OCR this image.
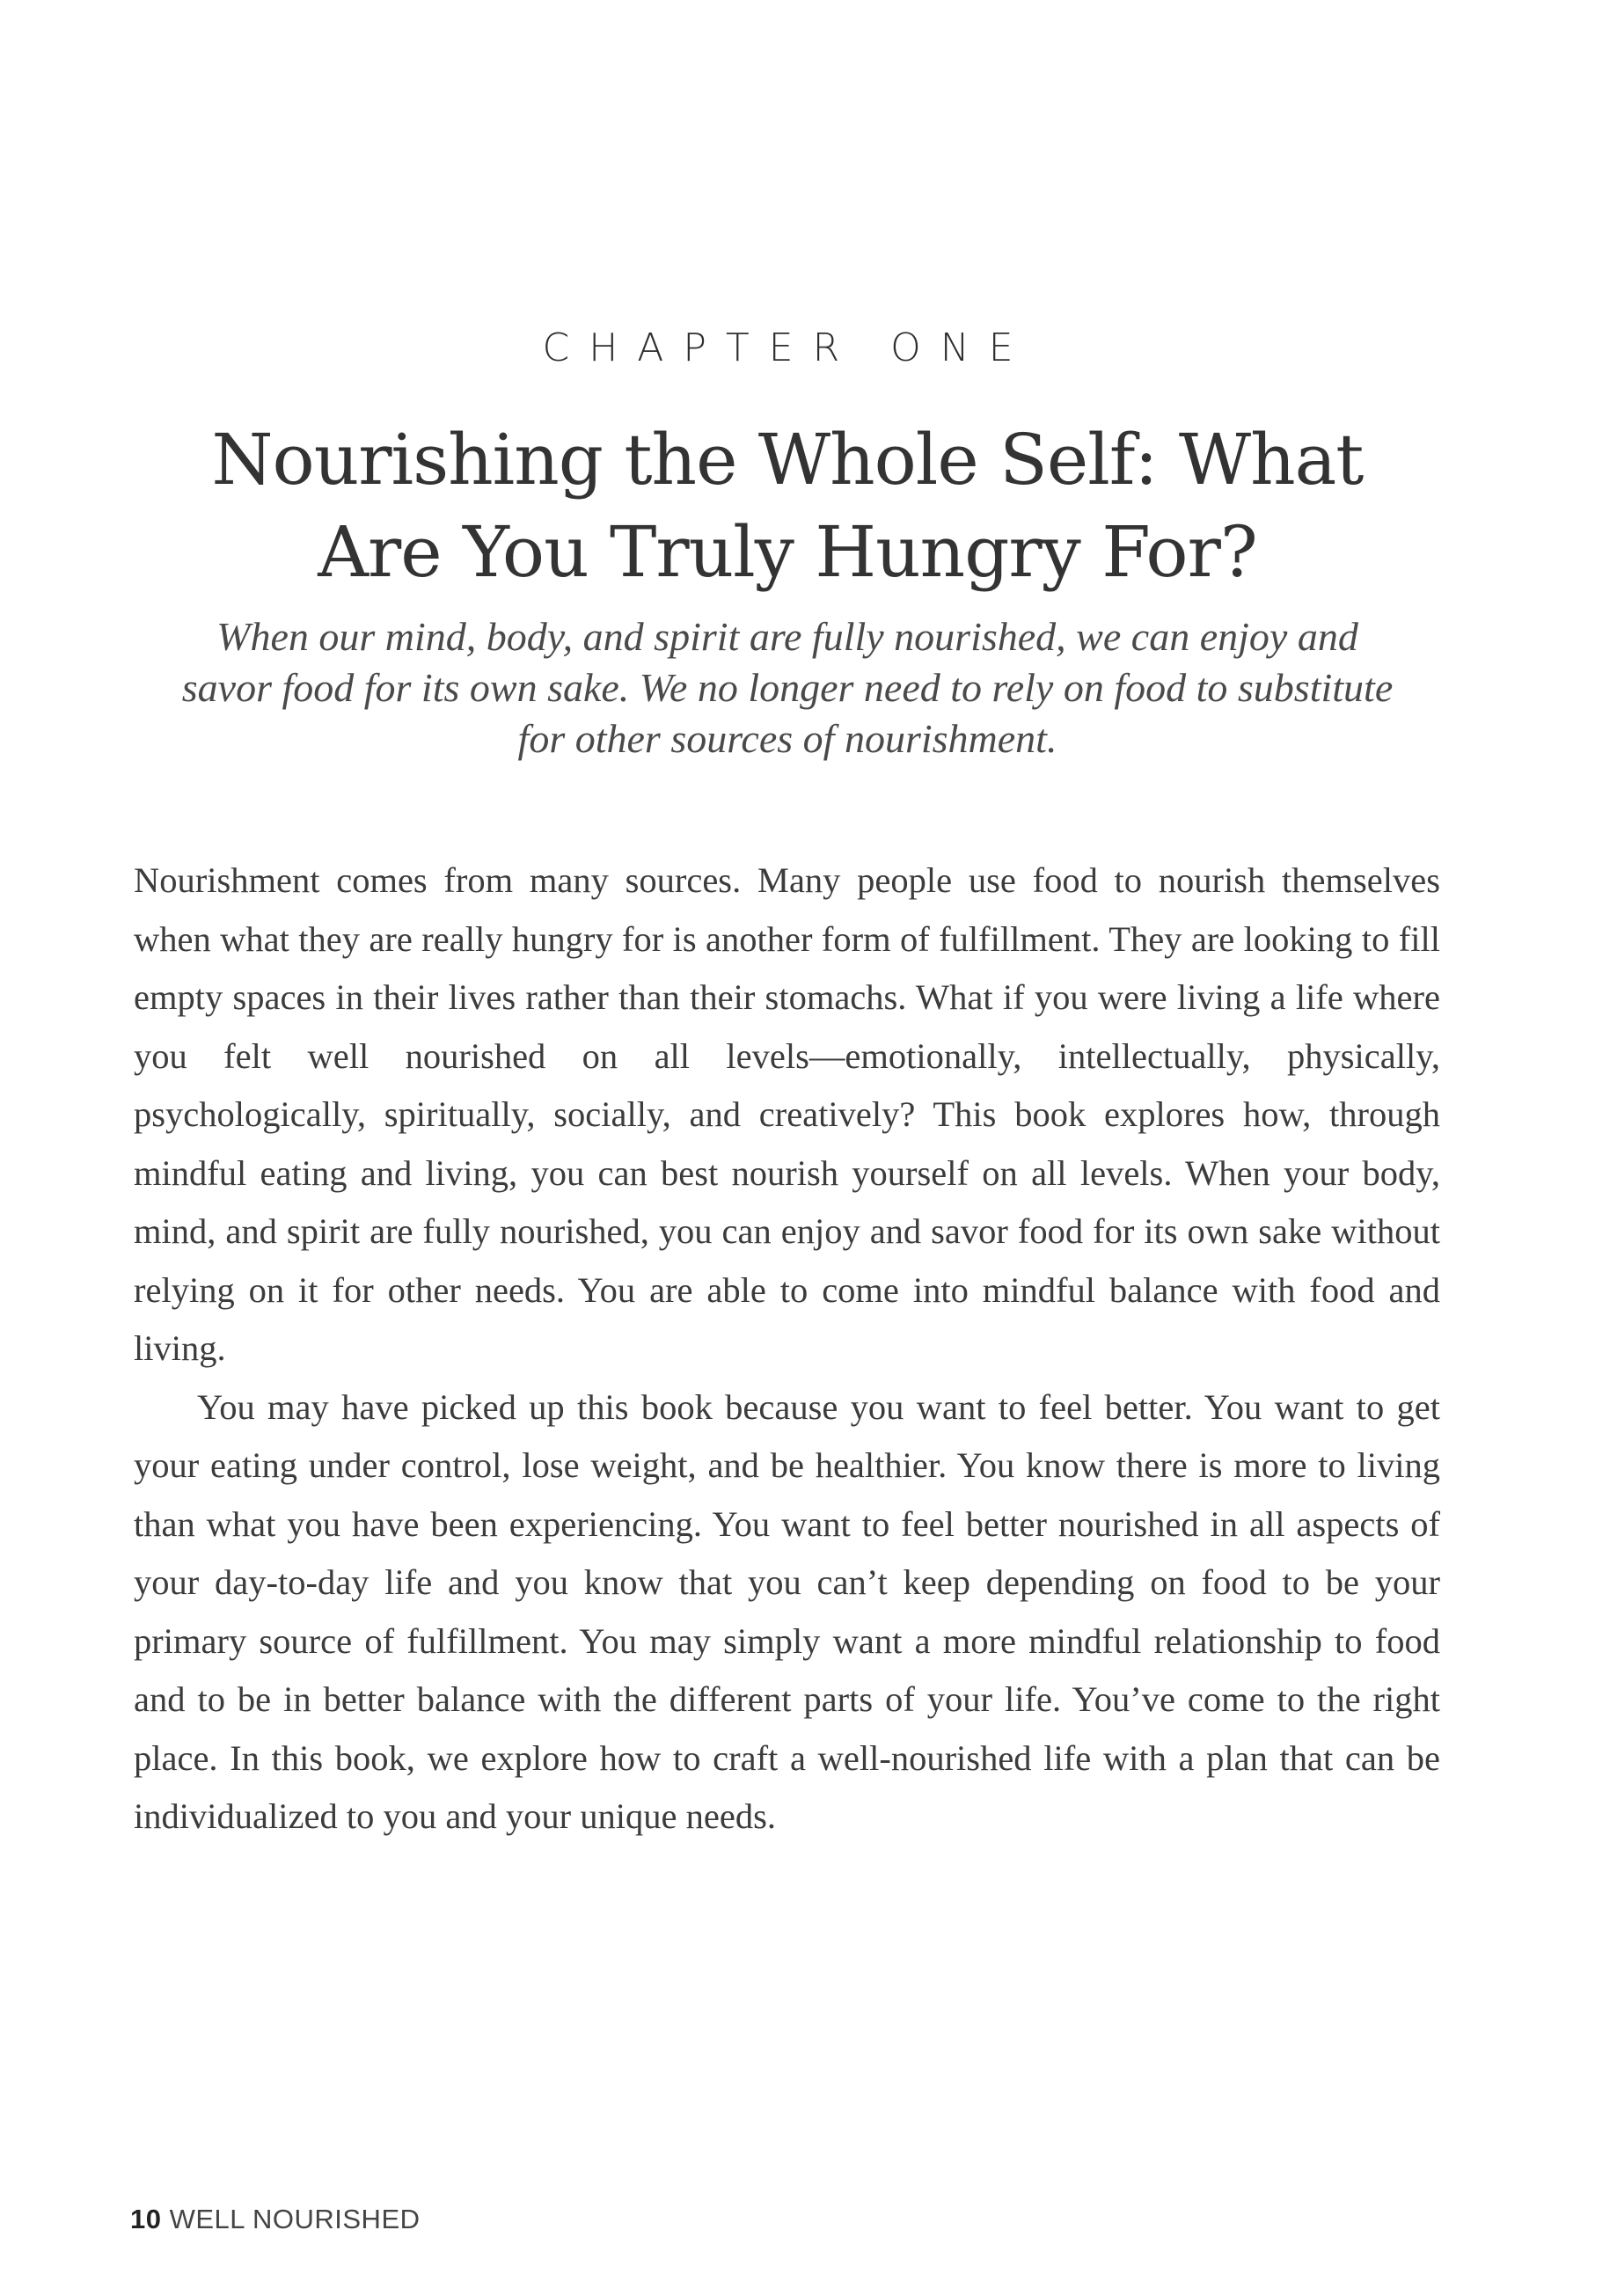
CHAPTER ONE
Nourishing the Whole Self: What
Are You Truly Hungry For?
When our mind, body, and spirit are fully nourished, we can enjoy and savor food for its own sake. We no longer need to rely on food to substitute for other sources of nourishment.

Nourishment comes from many sources. Many people use food to nourish themselves when what they are really hungry for is another form of fulfillment. They are looking to fill empty spaces in their lives rather than their stomachs. What if you were living a life where you felt well nourished on all levels—emotionally, intellectually, physically, psychologically, spiritually, socially, and creatively? This book explores how, through mindful eating and living, you can best nourish yourself on all levels. When your body, mind, and spirit are fully nourished, you can enjoy and savor food for its own sake without relying on it for other needs. You are able to come into mindful balance with food and living.

You may have picked up this book because you want to feel better. You want to get your eating under control, lose weight, and be healthier. You know there is more to living than what you have been experiencing. You want to feel better nourished in all aspects of your day-to-day life and you know that you can’t keep depending on food to be your primary source of fulfillment. You may simply want a more mindful relationship to food and to be in better balance with the different parts of your life. You’ve come to the right place. In this book, we explore how to craft a well-nourished life with a plan that can be individualized to you and your unique needs.

10 WELL NOURISHED
